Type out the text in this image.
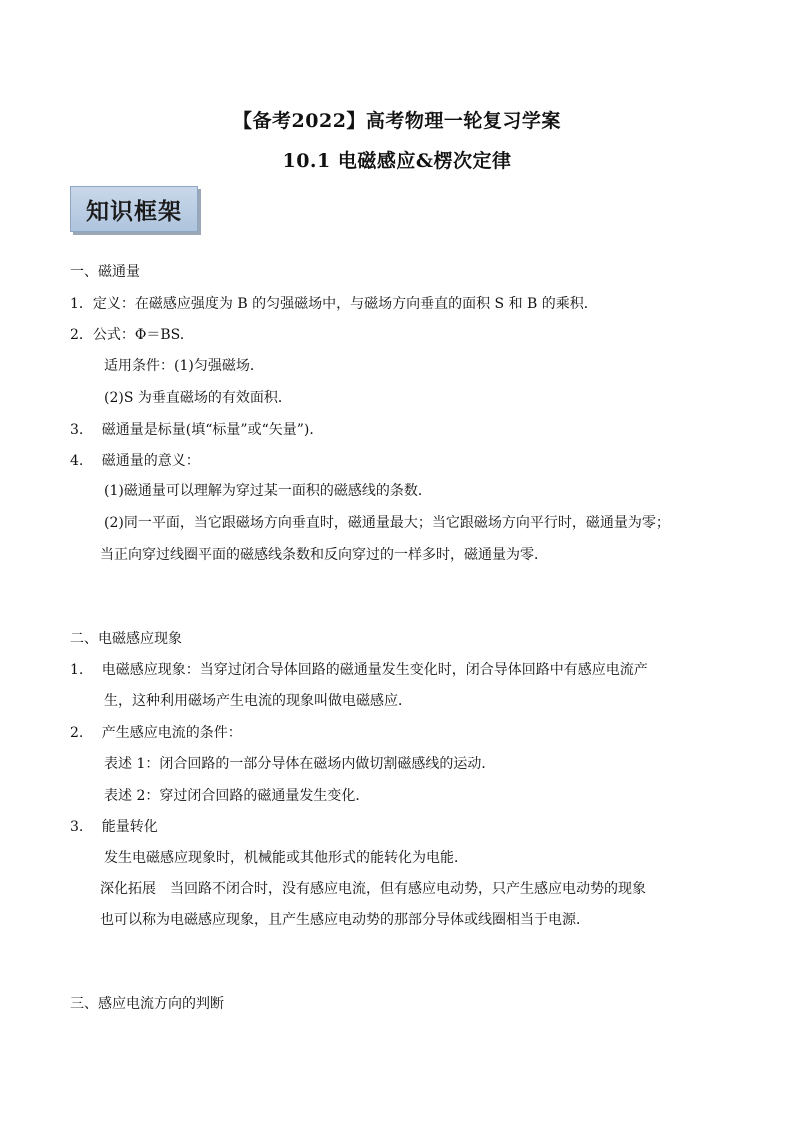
【备考2022】高考物理一轮复习学案
10.1 电磁感应&楞次定律
知识框架
一、磁通量
1．定义：在磁感应强度为 B 的匀强磁场中，与磁场方向垂直的面积 S 和 B 的乘积．
2．公式：Φ＝BS.
适用条件：(1)匀强磁场．
(2)S 为垂直磁场的有效面积．
3.　 磁通量是标量(填“标量”或“矢量”)．
4.　 磁通量的意义：
(1)磁通量可以理解为穿过某一面积的磁感线的条数．
(2)同一平面，当它跟磁场方向垂直时，磁通量最大；当它跟磁场方向平行时，磁通量为零；
当正向穿过线圈平面的磁感线条数和反向穿过的一样多时，磁通量为零．
二、电磁感应现象
1.　 电磁感应现象：当穿过闭合导体回路的磁通量发生变化时，闭合导体回路中有感应电流产
生，这种利用磁场产生电流的现象叫做电磁感应．
2.　 产生感应电流的条件：
表述 1：闭合回路的一部分导体在磁场内做切割磁感线的运动．
表述 2：穿过闭合回路的磁通量发生变化．
3.　 能量转化
发生电磁感应现象时，机械能或其他形式的能转化为电能．
深化拓展　当回路不闭合时，没有感应电流，但有感应电动势，只产生感应电动势的现象
也可以称为电磁感应现象，且产生感应电动势的那部分导体或线圈相当于电源．
三、感应电流方向的判断
